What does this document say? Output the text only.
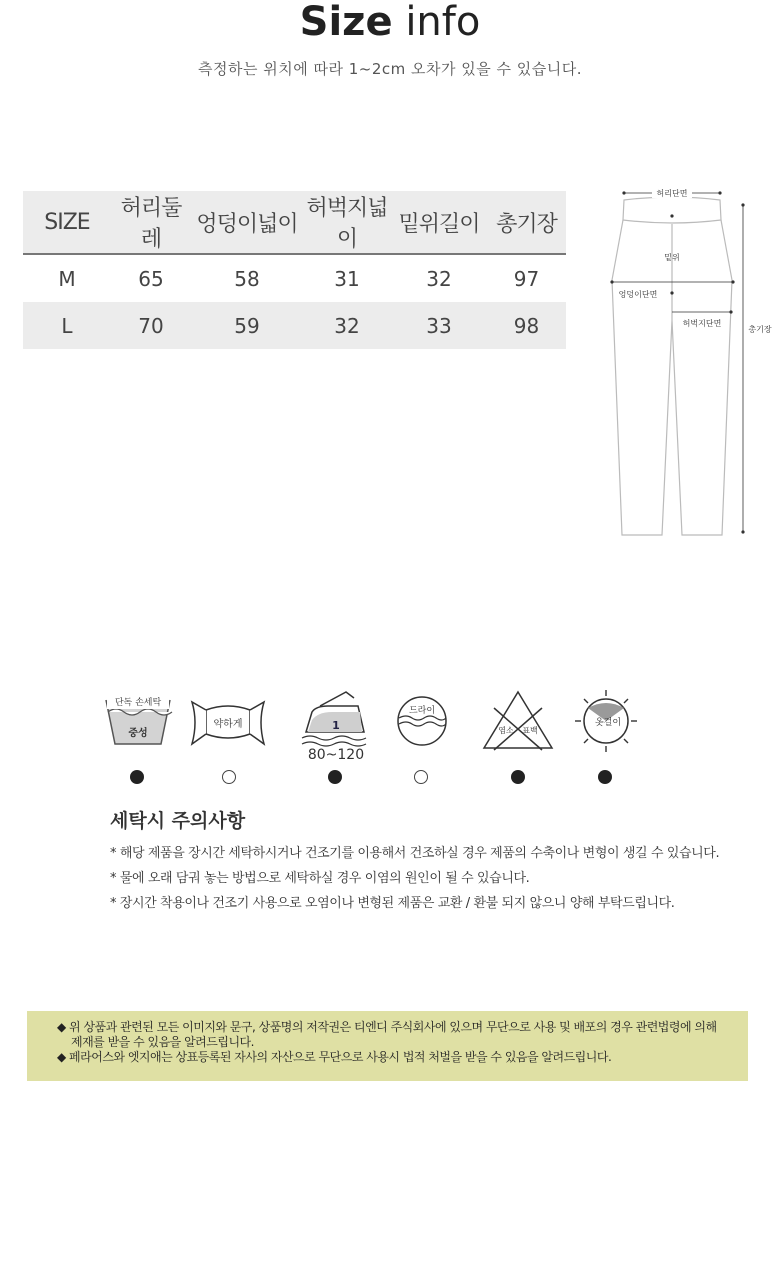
Size info
측정하는 위치에 따라 1~2cm 오차가 있을 수 있습니다.
SIZE	허리둘레	엉덩이넓이	허벅지넓이	밑위길이	총기장
M	65	58	31	32	97
L	70	59	32	33	98
허리단면
밑위
엉덩이단면
허벅지단면
총기장
단독 손세탁
중성
약하게	1
80~120
드라이
염소 표백
옷걸이
세탁시 주의사항
* 해당 제품을 장시간 세탁하시거나 건조기를 이용해서 건조하실 경우 제품의 수축이나 변형이 생길 수 있습니다.
* 물에 오래 담궈 놓는 방법으로 세탁하실 경우 이염의 원인이 될 수 있습니다.
* 장시간 착용이나 건조기 사용으로 오염이나 변형된 제품은 교환 / 환불 되지 않으니 양해 부탁드립니다.

◆ 위 상품과 관련된 모든 이미지와 문구, 상품명의 저작권은 티엔디 주식회사에 있으며 무단으로 사용 및 배포의 경우 관련법령에 의해

제재를 받을 수 있음을 알려드립니다.

◆ 페라어스와 엣지애는 상표등록된 자사의 자산으로 무단으로 사용시 법적 처벌을 받을 수 있음을 알려드립니다.
